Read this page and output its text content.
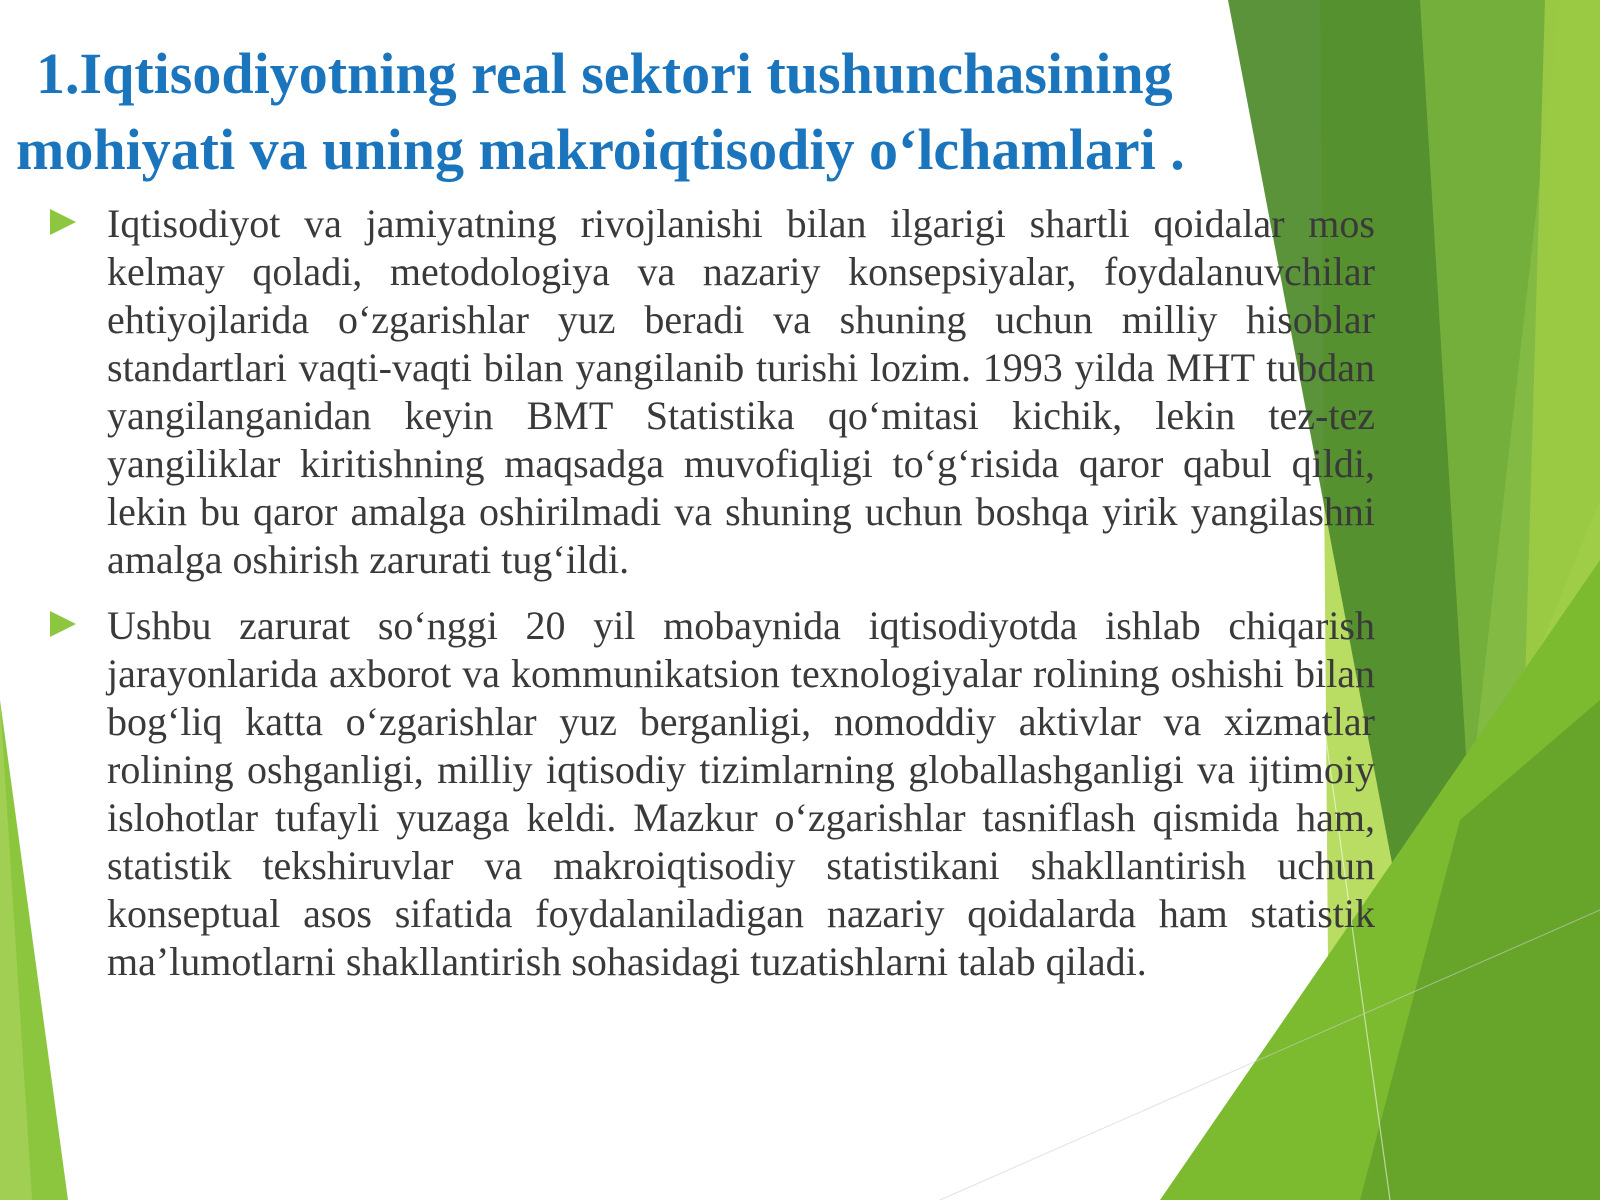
1.Iqtisodiyotning real sektori tushunchasining
mohiyati va uning makroiqtisodiy o‘lchamlari .

Iqtisodiyot va jamiyatning rivojlanishi bilan ilgarigi shartli qoidalar mos kelmay qoladi, metodologiya va nazariy konsepsiyalar, foydalanuvchilar ehtiyojlarida o‘zgarishlar yuz beradi va shuning uchun milliy hisoblar standartlari vaqti-vaqti bilan yangilanib turishi lozim. 1993 yilda MHT tubdan yangilanganidan keyin BMT Statistika qo‘mitasi kichik, lekin tez-tez yangiliklar kiritishning maqsadga muvofiqligi to‘g‘risida qaror qabul qildi, lekin bu qaror amalga oshirilmadi va shuning uchun boshqa yirik yangilashni amalga oshirish zarurati tug‘ildi.

Ushbu zarurat so‘nggi 20 yil mobaynida iqtisodiyotda ishlab chiqarish jarayonlarida axborot va kommunikatsion texnologiyalar rolining oshishi bilan bog‘liq katta o‘zgarishlar yuz berganligi, nomoddiy aktivlar va xizmatlar rolining oshganligi, milliy iqtisodiy tizimlarning globallashganligi va ijtimoiy islohotlar tufayli yuzaga keldi. Mazkur o‘zgarishlar tasniflash qismida ham, statistik tekshiruvlar va makroiqtisodiy statistikani shakllantirish uchun konseptual asos sifatida foydalaniladigan nazariy qoidalarda ham statistik ma’lumotlarni shakllantirish sohasidagi tuzatishlarni talab qiladi.
